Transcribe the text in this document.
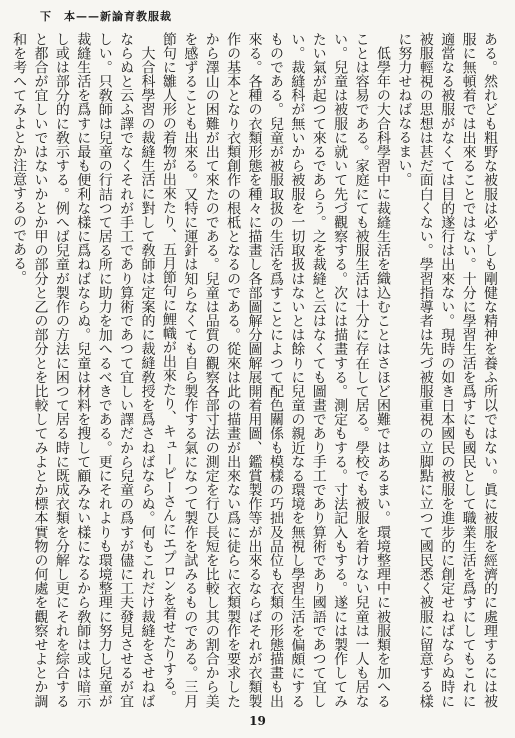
下　本——新論育教服裁

ある。然れども粗野な被服は必ずしも剛健な精神を養ふ所以ではない。眞に被服を經濟的に處理するには被服に無頓着では出來ることではない。十分に學習生活を爲すにも國民として職業生活を爲すにしてもこれに適當なる被服がなくては目的遂行は出來ない。現時の如き日本國民の被服を進步的に創定せねばならぬ時に被服輕視の思想は甚だ面白くない。學習指導者は先づ被服重視の立脚點に立つて國民悉く被服に留意する樣に努力せねばなるまい。

低學年の大合科學習中に裁縫生活を織込むことはさほど困難ではあるまい。環境整理中に被服類を加へることは容易である。家庭にても被服生活は十分に存在して居る。學校でも被服を着けない兒童は一人も居ない。兒童は被服に就いて先づ觀察する。次には描畫する。測定もする。寸法記入もする。遂には製作してみたい氣が起つて來るであらう。之を裁縫と云はなくても圖畫であり手工であり算術であり國語であつて宜しい。裁縫科が無いから被服を一切取扱はないとは餘りに兒童の親近なる環境を無視し學習生活を偏頗にするものである。兒童が被服取扱の生活を爲すことによつて配色關係も模樣の巧拙及品位も衣類の形態描畫も出來る。各種の衣類形態を種々に描畫し各部圖解分圖解展開着用圖、鑑賞製作等が出來るならばそれが衣類製作の基本となり衣類創作の根柢となるのである。從來は此の描畫が出來ない爲に徒らに衣類製作を要求したから澤山の困難が出て來たのである。兒童は品質の觀察各部寸法の測定を行ひ長短を比較し其の割合から美を感ずることも出來る。又特に運針は知らなくても自ら製作する氣になつて製作を試みるものである。三月節句に雛人形の着物が出來たり、五月節句に鯉幟が出來たり、キューピーさんにエプロンを着せたりする。

大合科學習の裁縫生活に對して敎師は定案的に裁縫敎授を爲さねばならぬ。何もこれだけ裁縫をさせねばならぬと云ふ譯でなくそれが手工であり算術であつて宜しい譯だから兒童の爲すが儘に工夫發見させるが宜しい。只敎師は兒童の行詰つて居る所に助力を加へるべきである。更にそれよりも環境整理に努力し兒童が裁縫生活を爲すに最も便利な樣に爲ねばならぬ。兒童は材料を搜して顧みない樣になるから敎師は或は暗示し或は部分的に敎示する。例へば兒童が製作の方法に困つて居る時に既成衣類を分解し更にそれを綜合すると都合が宜しいではないかとか甲の部分と乙の部分とを比較してみよとか標本實物の何處を觀察せよとか調和を考へてみよとか注意するのである。

19
